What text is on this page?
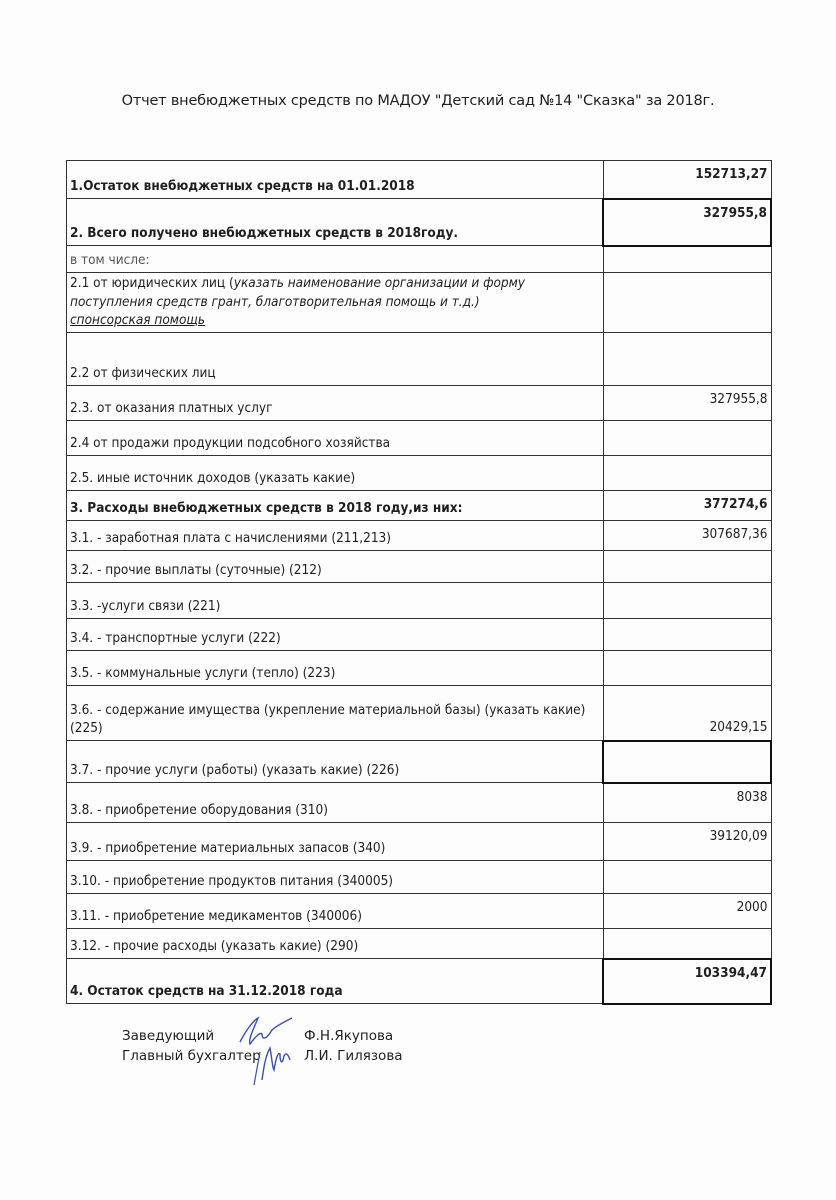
Отчет внебюджетных средств по МАДОУ "Детский сад №14 "Сказка" за 2018г.
1.Остаток внебюджетных средств на 01.01.2018	152713,27
2. Всего получено внебюджетных средств в 2018году.	327955,8
в том числе:	
2.1 от юридических лиц (указать наименование организации и форму поступления средств грант, благотворительная помощь и т.д.)
спонсорская помощь	
2.2 от физических лиц	
2.3. от оказания платных услуг	327955,8
2.4 от продажи продукции подсобного хозяйства	
2.5. иные источник доходов (указать какие)	
3. Расходы внебюджетных средств в 2018 году,из них:	377274,6
3.1. - заработная плата с начислениями (211,213)	307687,36
3.2. - прочие выплаты (суточные) (212)	
3.3. -услуги связи (221)	
3.4. - транспортные услуги (222)	
3.5. - коммунальные услуги (тепло) (223)	
3.6. - содержание имущества (укрепление материальной базы) (указать какие) (225)	20429,15
3.7. - прочие услуги (работы) (указать какие) (226)	
3.8. - приобретение оборудования (310)	8038
3.9. - приобретение материальных запасов (340)	39120,09
3.10. - приобретение продуктов питания (340005)	
3.11. - приобретение медикаментов (340006)	2000
3.12. - прочие расходы (указать какие) (290)	
4. Остаток средств на 31.12.2018 года	103394,47
Заведующий
Главный бухгалтер
Ф.Н.Якупова
Л.И. Гилязова
